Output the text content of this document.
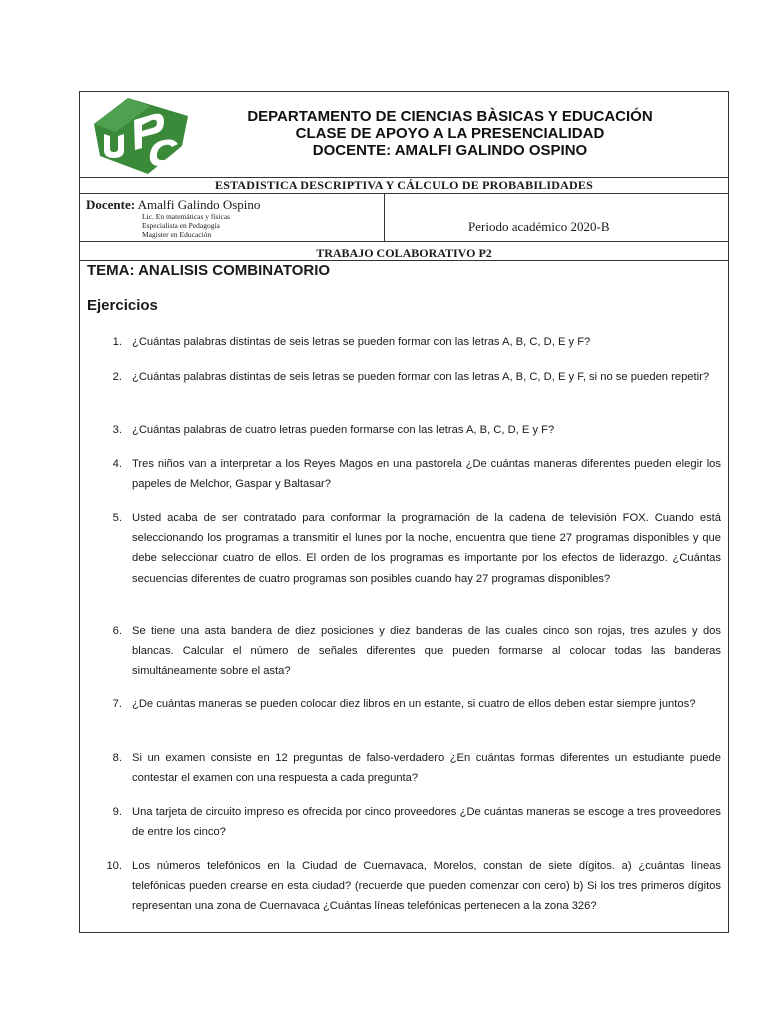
DEPARTAMENTO DE CIENCIAS BÀSICAS Y EDUCACIÓN
CLASE DE APOYO A LA PRESENCIALIDAD
DOCENTE: AMALFI GALINDO OSPINO
ESTADISTICA DESCRIPTIVA Y CÁLCULO DE PROBABILIDADES
Docente: Amalfi Galindo Ospino
Lic. En matemáticas y físicas
Especialista en Pedagogía
Magister en Educación
Periodo académico 2020-B
TRABAJO COLABORATIVO P2
TEMA: ANALISIS COMBINATORIO
Ejercicios
1. ¿Cuántas palabras distintas de seis letras se pueden formar con las letras A, B, C, D, E y F?
2. ¿Cuántas palabras distintas de seis letras se pueden formar con las letras A, B, C, D, E y F, si no se pueden repetir?
3. ¿Cuántas palabras de cuatro letras pueden formarse con las letras A, B, C, D, E y F?
4. Tres niños van a interpretar a los Reyes Magos en una pastorela ¿De cuántas maneras diferentes pueden elegir los papeles de Melchor, Gaspar y Baltasar?
5. Usted acaba de ser contratado para conformar la programación de la cadena de televisión FOX. Cuando está seleccionando los programas a transmitir el lunes por la noche, encuentra que tiene 27 programas disponibles y que debe seleccionar cuatro de ellos. El orden de los programas es importante por los efectos de liderazgo. ¿Cuántas secuencias diferentes de cuatro programas son posibles cuando hay 27 programas disponibles?
6. Se tiene una asta bandera de diez posiciones y diez banderas de las cuales cinco son rojas, tres azules y dos blancas. Calcular el número de señales diferentes que pueden formarse al colocar todas las banderas simultáneamente sobre el asta?
7. ¿De cuántas maneras se pueden colocar diez libros en un estante, si cuatro de ellos deben estar siempre juntos?
8. Si un examen consiste en 12 preguntas de falso-verdadero ¿En cuántas formas diferentes un estudiante puede contestar el examen con una respuesta a cada pregunta?
9. Una tarjeta de circuito impreso es ofrecida por cinco proveedores ¿De cuántas maneras se escoge a tres proveedores de entre los cinco?
10. Los números telefónicos en la Ciudad de Cuernavaca, Morelos, constan de siete dígitos. a) ¿cuántas líneas telefónicas pueden crearse en esta ciudad? (recuerde que pueden comenzar con cero) b) Si los tres primeros dígitos representan una zona de Cuernavaca ¿Cuántas líneas telefónicas pertenecen a la zona 326?
